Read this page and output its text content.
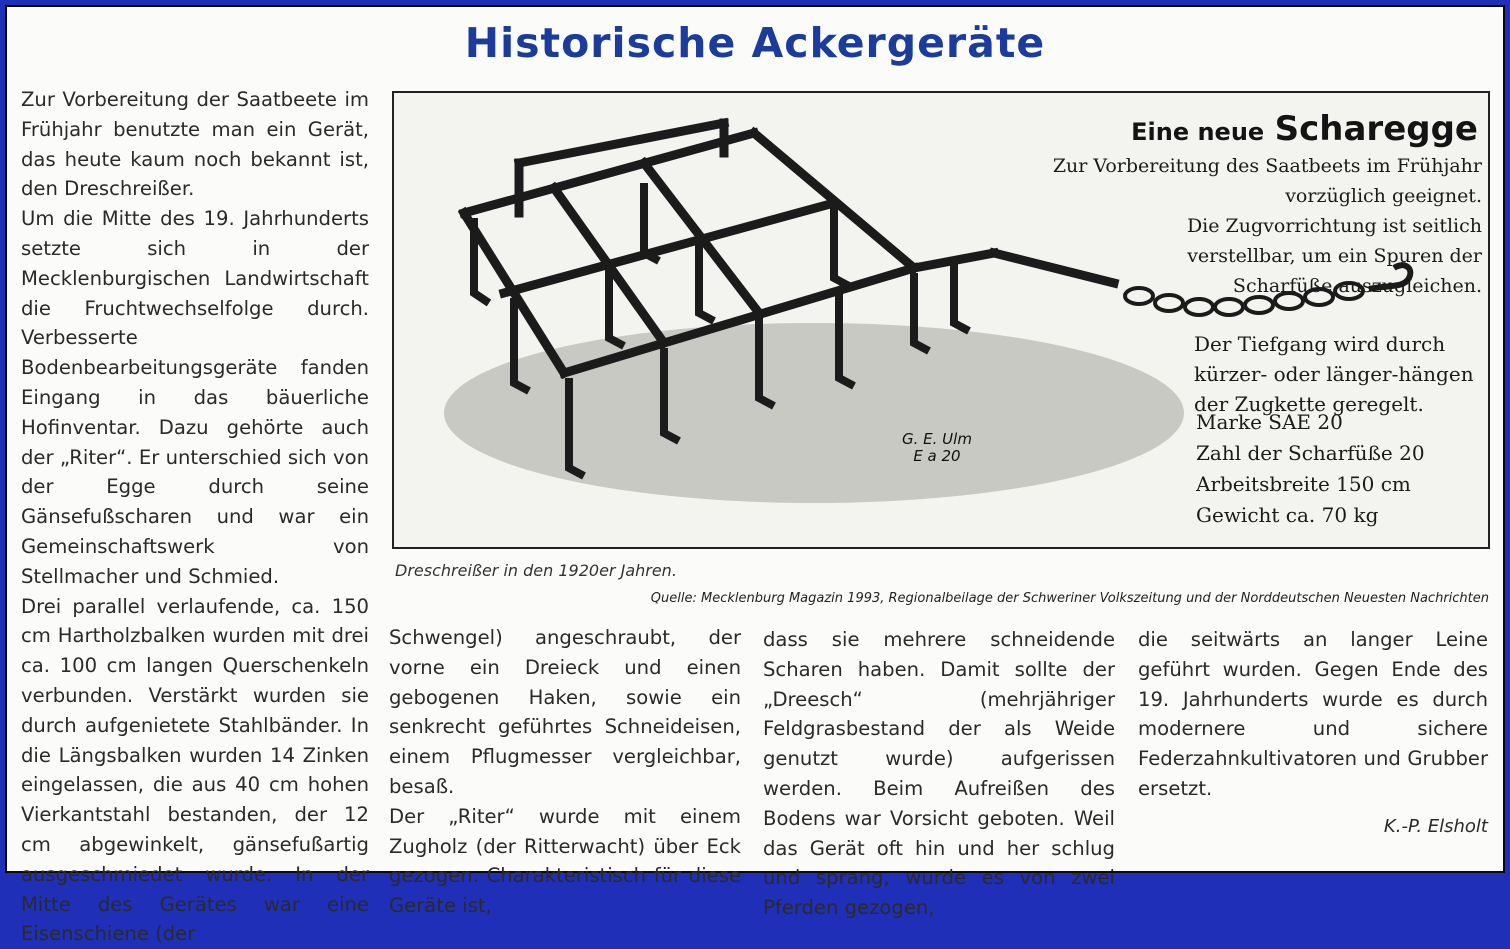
Historische Ackergeräte

Zur Vorbereitung der Saatbeete im Frühjahr benutzte man ein Gerät, das heute kaum noch bekannt ist, den Dreschreißer.

Um die Mitte des 19. Jahrhunderts setzte sich in der Mecklenburgischen Landwirtschaft die Fruchtwechselfolge durch. Verbesserte Bodenbearbeitungsgeräte fanden Eingang in das bäuerliche Hofinventar. Dazu gehörte auch der „Riter“. Er unterschied sich von der Egge durch seine Gänsefußscharen und war ein Gemeinschaftswerk von Stellmacher und Schmied.

Drei parallel verlaufende, ca. 150 cm Hartholzbalken wurden mit drei ca. 100 cm langen Querschenkeln verbunden. Verstärkt wurden sie durch aufgenietete Stahlbänder. In die Längsbalken wurden 14 Zinken eingelassen, die aus 40 cm hohen Vierkantstahl bestanden, der 12 cm abgewinkelt, gänsefußartig ausgeschmiedet wurde. In der Mitte des Gerätes war eine Eisenschiene (der

Eine neue Scharegge

Zur Vorbereitung des Saatbeets im Frühjahr vorzüglich geeignet.
Die Zugvorrichtung ist seitlich verstellbar, um ein Spuren der Scharfüße auszugleichen.
Der Tiefgang wird durch kürzer- oder länger-hängen der Zugkette geregelt.
Marke SAE 20
Zahl der Scharfüße 20
Arbeitsbreite 150 cm
Gewicht ca. 70 kg
G. E. Ulm
E a 20
Dreschreißer in den 1920er Jahren.
Quelle: Mecklenburg Magazin 1993, Regionalbeilage der Schweriner Volkszeitung und der Norddeutschen Neuesten Nachrichten

Schwengel) angeschraubt, der vorne ein Dreieck und einen gebogenen Haken, sowie ein senkrecht geführtes Schneideisen, einem Pflugmesser vergleichbar, besaß.

Der „Riter“ wurde mit einem Zugholz (der Ritterwacht) über Eck gezogen. Charakteristisch für diese Geräte ist,

dass sie mehrere schneidende Scharen haben. Damit sollte der „Dreesch“ (mehrjähriger Feldgrasbestand der als Weide genutzt wurde) aufgerissen werden. Beim Aufreißen des Bodens war Vorsicht geboten. Weil das Gerät oft hin und her schlug und sprang, wurde es von zwei Pferden gezogen,

die seitwärts an langer Leine geführt wurden. Gegen Ende des 19. Jahrhunderts wurde es durch modernere und sichere Federzahnkultivatoren und Grubber ersetzt.

K.-P. Elsholt
